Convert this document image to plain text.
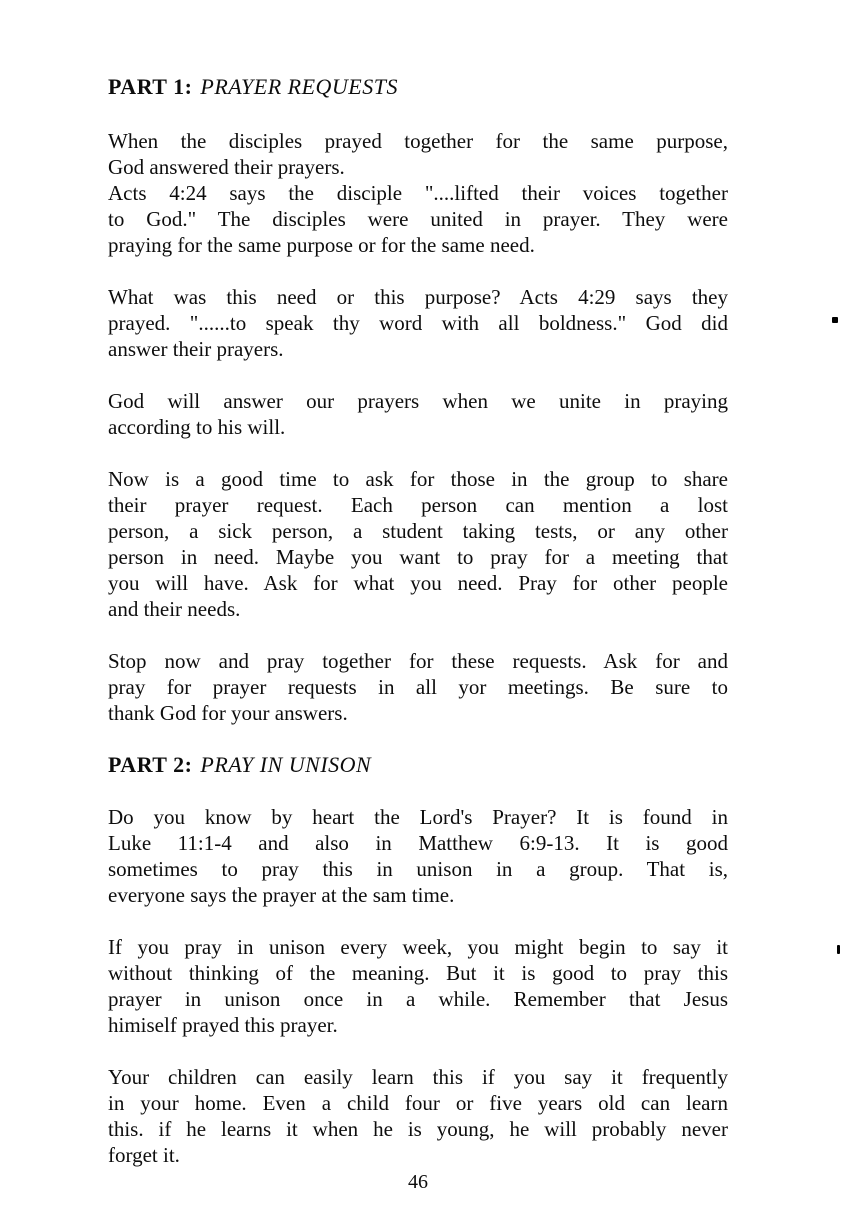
PART 1: PRAYER REQUESTS
When the disciples prayed together for the same purpose,
God answered their prayers.
Acts 4:24 says the disciple "....lifted their voices together
to God." The disciples were united in prayer. They were
praying for the same purpose or for the same need.
What was this need or this purpose? Acts 4:29 says they
prayed. "......to speak thy word with all boldness." God did
answer their prayers.
God will answer our prayers when we unite in praying
according to his will.
Now is a good time to ask for those in the group to share
their prayer request. Each person can mention a lost
person, a sick person, a student taking tests, or any other
person in need. Maybe you want to pray for a meeting that
you will have. Ask for what you need. Pray for other people
and their needs.
Stop now and pray together for these requests. Ask for and
pray for prayer requests in all yor meetings. Be sure to
thank God for your answers.
PART 2: PRAY IN UNISON
Do you know by heart the Lord's Prayer? It is found in
Luke 11:1-4 and also in Matthew 6:9-13. It is good
sometimes to pray this in unison in a group. That is,
everyone says the prayer at the sam time.
If you pray in unison every week, you might begin to say it
without thinking of the meaning. But it is good to pray this
prayer in unison once in a while. Remember that Jesus
himiself prayed this prayer.
Your children can easily learn this if you say it frequently
in your home. Even a child four or five years old can learn
this. if he learns it when he is young, he will probably never
forget it.
46
